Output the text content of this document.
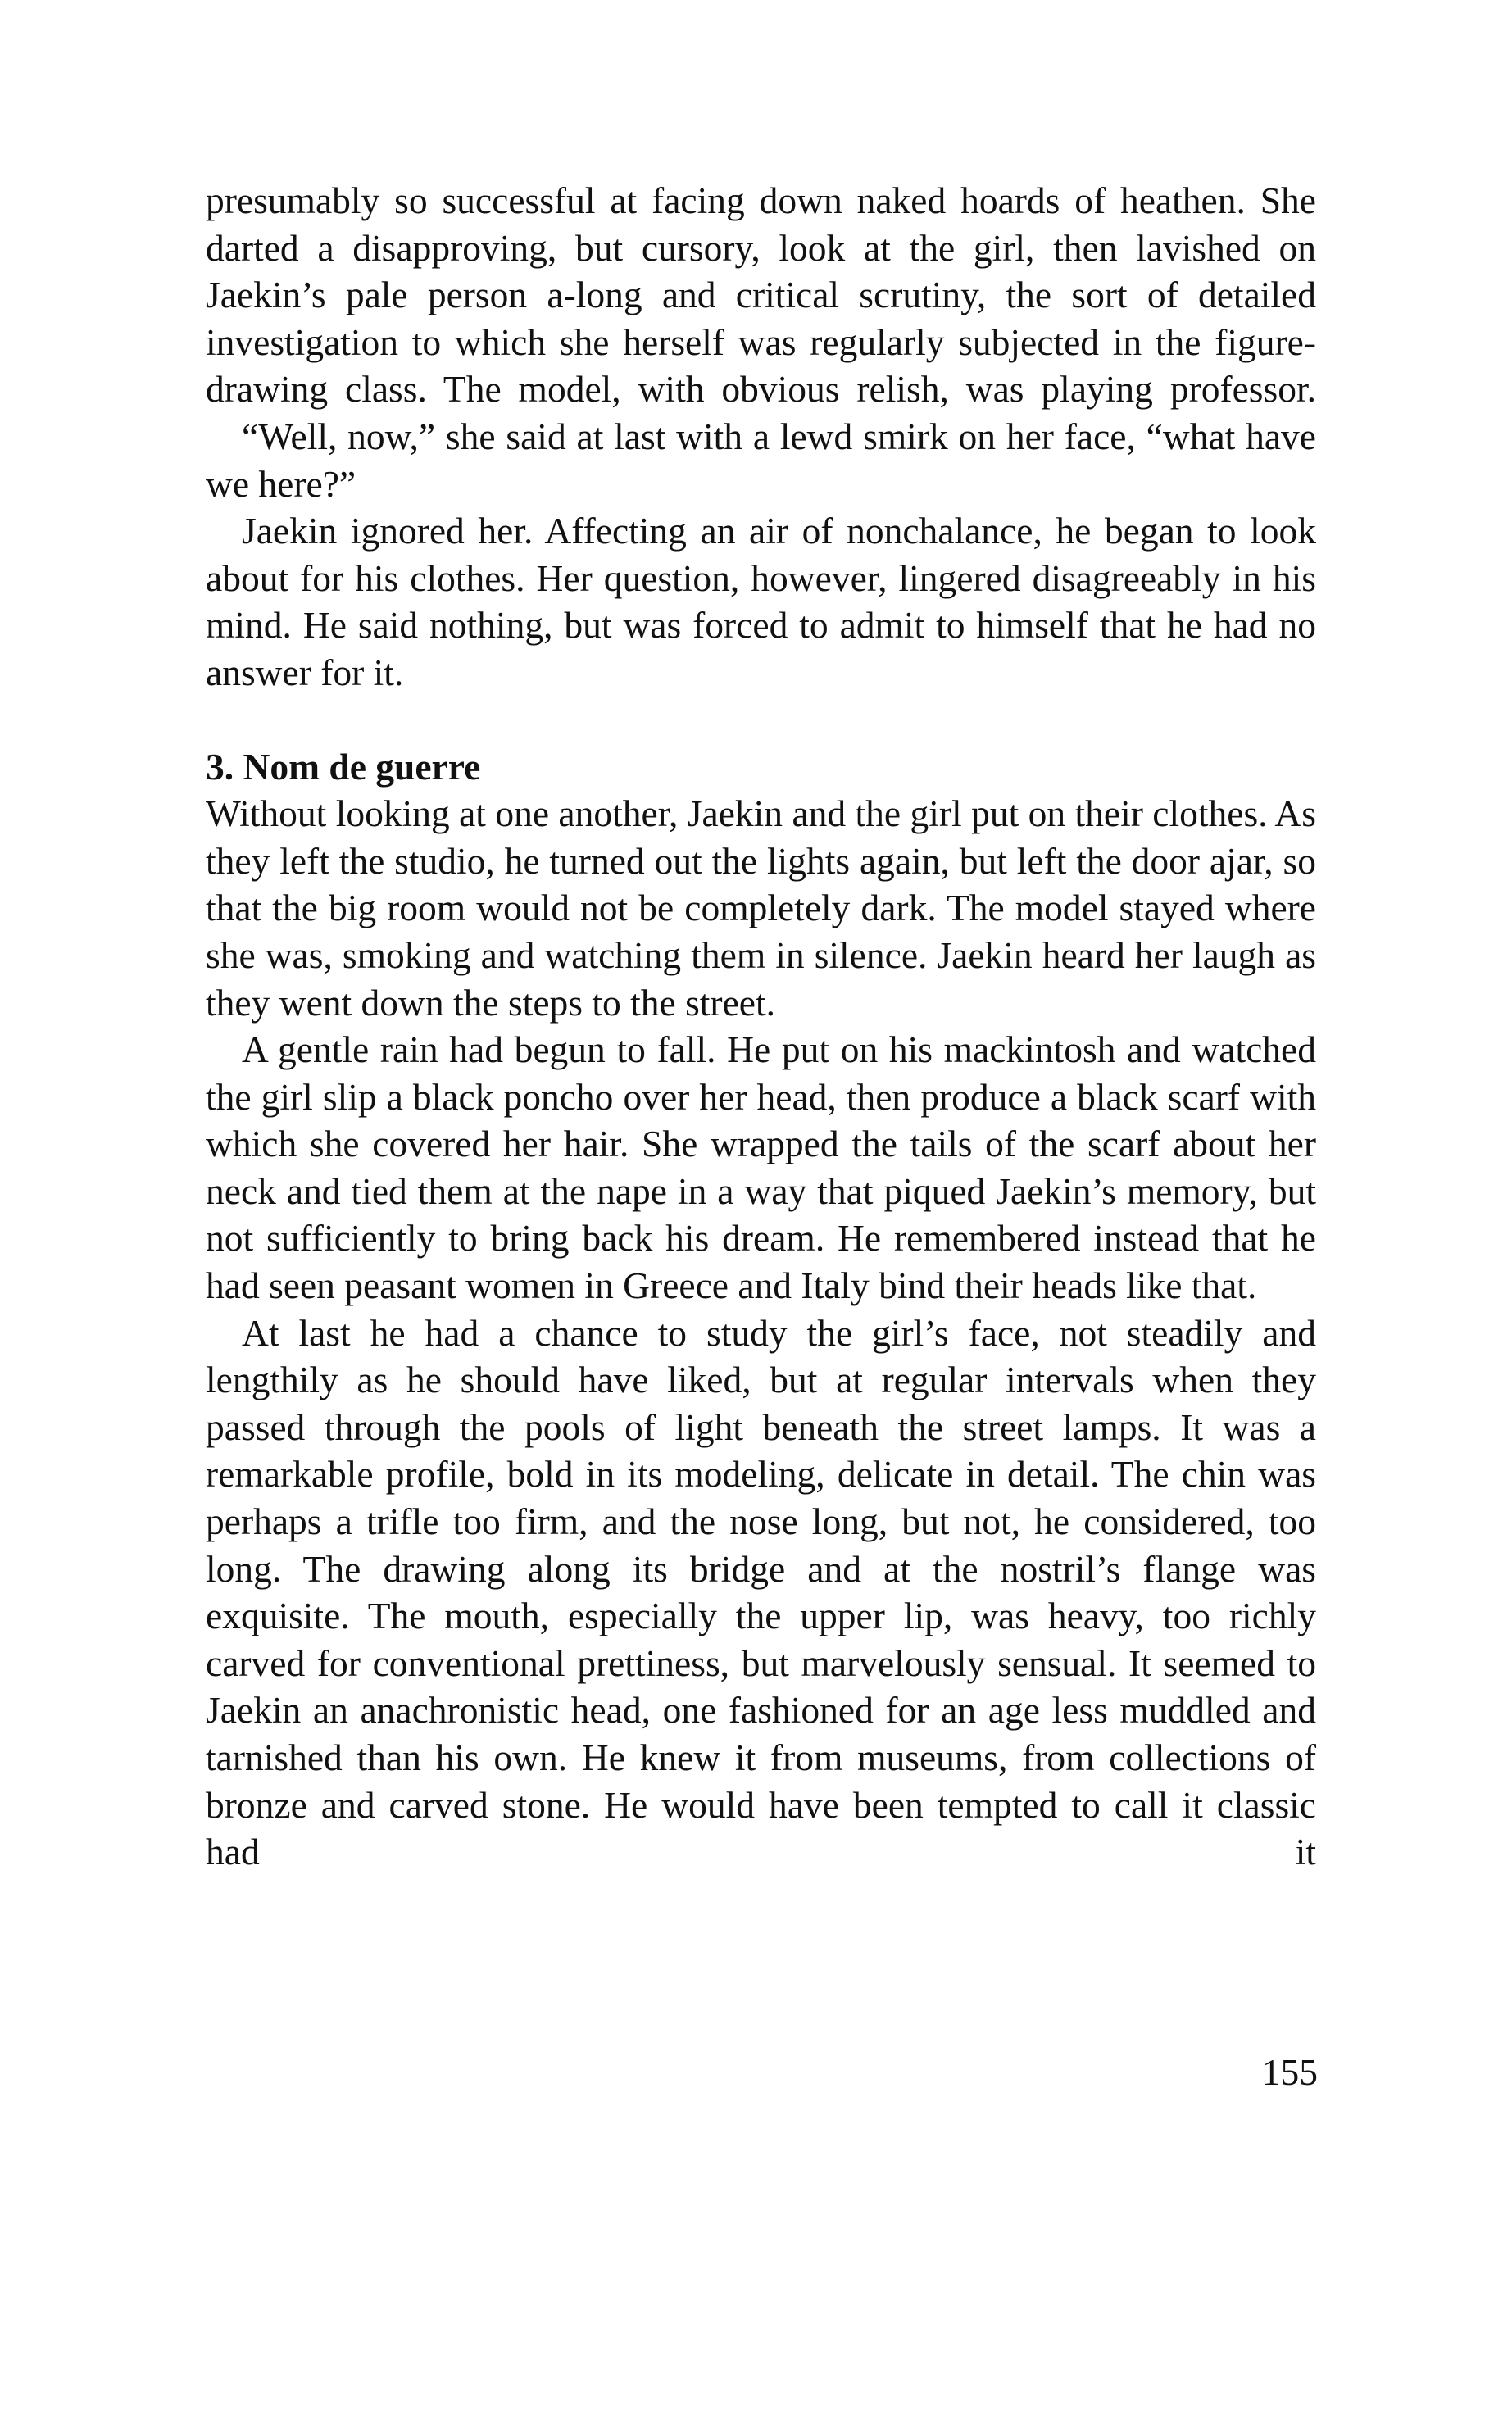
presumably so successful at facing down naked hoards of heathen. She darted a disapproving, but cursory, look at the girl, then lavished on Jaekin’s pale person a-long and critical scrutiny, the sort of detailed investigation to which she herself was regularly subjected in the figure-drawing class. The model, with obvious relish, was playing professor.

“Well, now,” she said at last with a lewd smirk on her face, “what have we here?”

Jaekin ignored her. Affecting an air of nonchalance, he began to look about for his clothes. Her question, however, lingered disagreeably in his mind. He said nothing, but was forced to admit to himself that he had no answer for it.

3. Nom de guerre

Without looking at one another, Jaekin and the girl put on their clothes. As they left the studio, he turned out the lights again, but left the door ajar, so that the big room would not be completely dark. The model stayed where she was, smoking and watching them in silence. Jaekin heard her laugh as they went down the steps to the street.

A gentle rain had begun to fall. He put on his mackintosh and watched the girl slip a black poncho over her head, then produce a black scarf with which she covered her hair. She wrapped the tails of the scarf about her neck and tied them at the nape in a way that piqued Jaekin’s memory, but not sufficiently to bring back his dream. He remembered instead that he had seen peasant women in Greece and Italy bind their heads like that.

At last he had a chance to study the girl’s face, not steadily and lengthily as he should have liked, but at regular intervals when they passed through the pools of light beneath the street lamps. It was a remarkable profile, bold in its modeling, delicate in detail. The chin was perhaps a trifle too firm, and the nose long, but not, he considered, too long. The drawing along its bridge and at the nostril’s flange was exquisite. The mouth, especially the upper lip, was heavy, too richly carved for conventional prettiness, but marvelously sensual. It seemed to Jaekin an anachronistic head, one fashioned for an age less muddled and tarnished than his own. He knew it from museums, from collections of bronze and carved stone. He would have been tempted to call it classic had it

155
